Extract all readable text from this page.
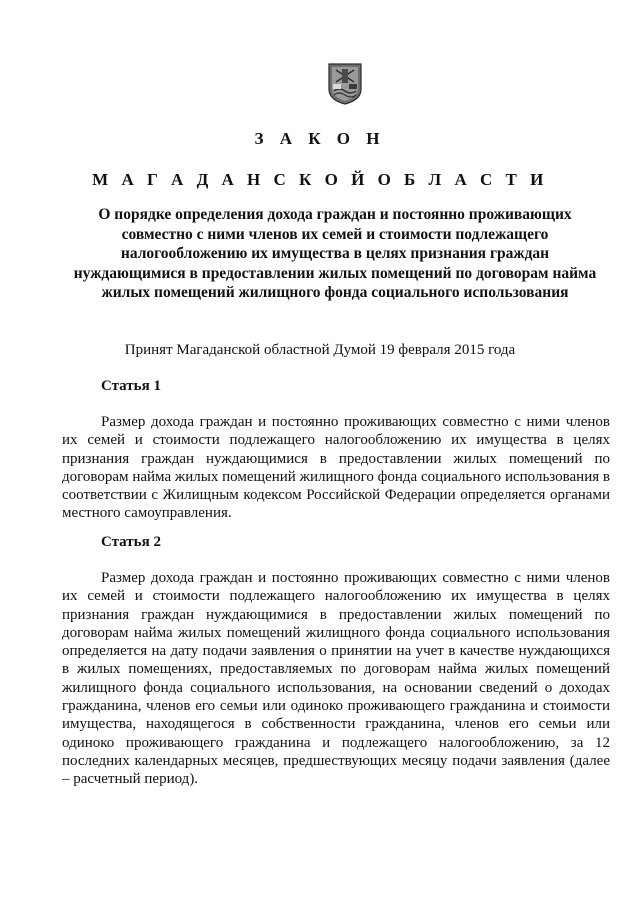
З А К О Н
М А Г А Д А Н С К О Й О Б Л А С Т И
О порядке определения дохода граждан и постоянно проживающих совместно с ними членов их семей и стоимости подлежащего налогообложению их имущества в целях признания граждан нуждающимися в предоставлении жилых помещений по договорам найма жилых помещений жилищного фонда социального использования
Принят Магаданской областной Думой 19 февраля 2015 года
Статья 1

Размер дохода граждан и постоянно проживающих совместно с ними членов их семей и стоимости подлежащего налогообложению их имущества в целях признания граждан нуждающимися в предоставлении жилых помещений по договорам найма жилых помещений жилищного фонда социального использования в соответствии с Жилищным кодексом Российской Федерации определяется органами местного самоуправления.

Статья 2

Размер дохода граждан и постоянно проживающих совместно с ними членов их семей и стоимости подлежащего налогообложению их имущества в целях признания граждан нуждающимися в предоставлении жилых помещений по договорам найма жилых помещений жилищного фонда социального использования определяется на дату подачи заявления о принятии на учет в качестве нуждающихся в жилых помещениях, предоставляемых по договорам найма жилых помещений жилищного фонда социального использования, на основании сведений о доходах гражданина, членов его семьи или одиноко проживающего гражданина и стоимости имущества, находящегося в собственности гражданина, членов его семьи или одиноко проживающего гражданина и подлежащего налогообложению, за 12 последних календарных месяцев, предшествующих месяцу подачи заявления (далее – расчетный период).
